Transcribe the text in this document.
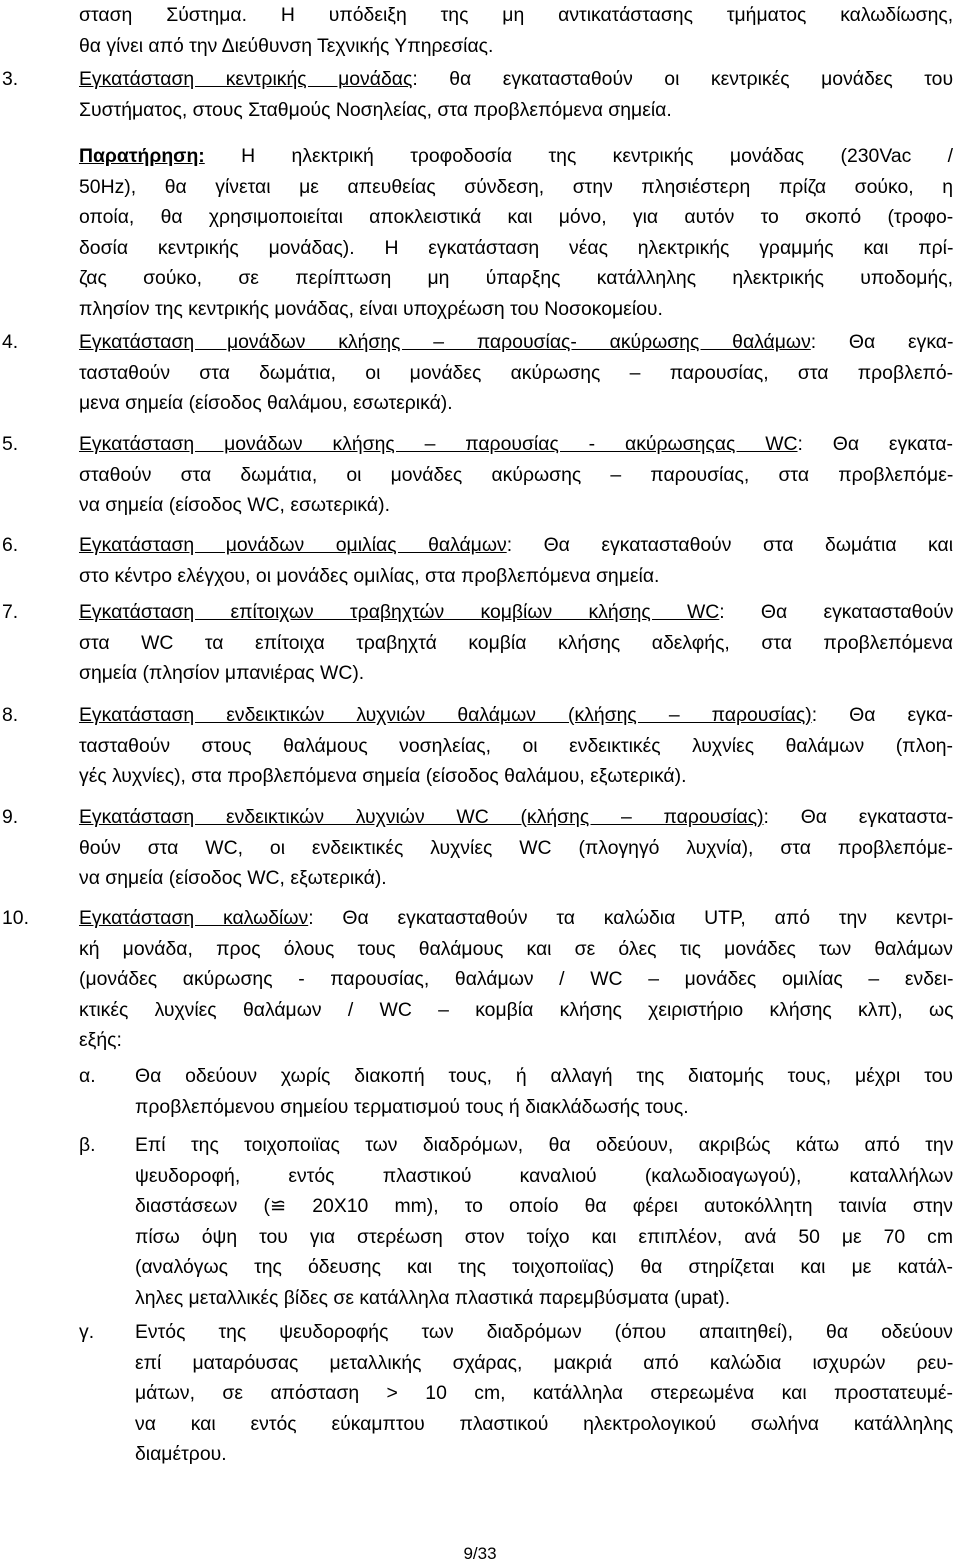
σταση Σύστημα. Η υπόδειξη της μη αντικατάστασης τμήματος καλωδίωσης,
θα γίνει από την Διεύθυνση Τεχνικής Υπηρεσίας.
3.	Εγκατάσταση κεντρικής μονάδας: θα εγκατασταθούν οι κεντρικές μονάδες του
Συστήματος, στους Σταθμούς Νοσηλείας, στα προβλεπόμενα σημεία.
Παρατήρηση: Η ηλεκτρική τροφοδοσία της κεντρικής μονάδας (230Vac /
50Hz), θα γίνεται με απευθείας σύνδεση, στην πλησιέστερη πρίζα σούκο, η
οποία, θα χρησιμοποιείται αποκλειστικά και μόνο, για αυτόν το σκοπό (τροφο-
δοσία κεντρικής μονάδας). Η εγκατάσταση νέας ηλεκτρικής γραμμής και πρί-
ζας σούκο, σε περίπτωση μη ύπαρξης κατάλληλης ηλεκτρικής υποδομής,
πλησίον της κεντρικής μονάδας, είναι υποχρέωση του Νοσοκομείου.
4.	Εγκατάσταση μονάδων κλήσης – παρουσίας- ακύρωσης θαλάμων: Θα εγκα-
τασταθούν στα δωμάτια, οι μονάδες ακύρωσης – παρουσίας, στα προβλεπό-
μενα σημεία (είσοδος θαλάμου, εσωτερικά).
5.	Εγκατάσταση μονάδων κλήσης – παρουσίας - ακύρωσηςας WC: Θα εγκατα-
σταθούν στα δωμάτια, οι μονάδες ακύρωσης – παρουσίας, στα προβλεπόμε-
να σημεία (είσοδος WC, εσωτερικά).
6.	Εγκατάσταση μονάδων ομιλίας θαλάμων: Θα εγκατασταθούν στα δωμάτια και
στο κέντρο ελέγχου, οι μονάδες ομιλίας, στα προβλεπόμενα σημεία.
7.	Εγκατάσταση επίτοιχων τραβηχτών κομβίων κλήσης WC: Θα εγκατασταθούν
στα WC τα επίτοιχα τραβηχτά κομβία κλήσης αδελφής, στα προβλεπόμενα
σημεία (πλησίον μπανιέρας WC).
8.	Εγκατάσταση ενδεικτικών λυχνιών θαλάμων (κλήσης – παρουσίας): Θα εγκα-
τασταθούν στους θαλάμους νοσηλείας, οι ενδεικτικές λυχνίες θαλάμων (πλοη-
γές λυχνίες), στα προβλεπόμενα σημεία (είσοδος θαλάμου, εξωτερικά).
9.	Εγκατάσταση ενδεικτικών λυχνιών WC (κλήσης – παρουσίας): Θα εγκαταστα-
θούν στα WC, οι ενδεικτικές λυχνίες WC (πλογηγό λυχνία), στα προβλεπόμε-
να σημεία (είσοδος WC, εξωτερικά).
10.	Εγκατάσταση καλωδίων: Θα εγκατασταθούν τα καλώδια UTP, από την κεντρι-
κή μονάδα, προς όλους τους θαλάμους και σε όλες τις μονάδες των θαλάμων
(μονάδες ακύρωσης - παρουσίας, θαλάμων / WC – μονάδες ομιλίας – ενδει-
κτικές λυχνίες θαλάμων / WC – κομβία κλήσης χειριστήριο κλήσης κλπ), ως
εξής:
α. Θα οδεύουν χωρίς διακοπή τους, ή αλλαγή της διατομής τους, μέχρι του
προβλεπόμενου σημείου τερματισμού τους ή διακλάδωσής τους.
β. Επί της τοιχοποιϊας των διαδρόμων, θα οδεύουν, ακριβώς κάτω από την
ψευδοροφή, εντός πλαστικού καναλιού (καλωδιοαγωγού), καταλλήλων
διαστάσεων (≌ 20X10 mm), το οποίο θα φέρει αυτοκόλλητη ταινία στην
πίσω όψη του για στερέωση στον τοίχο και επιπλέον, ανά 50 με 70 cm
(αναλόγως της όδευσης και της τοιχοποιϊας) θα στηρίζεται και με κατάλ-
ληλες μεταλλικές βίδες σε κατάλληλα πλαστικά παρεμβύσματα (upat).
γ. Εντός της ψευδοροφής των διαδρόμων (όπου απαιτηθεί), θα οδεύουν
επί ματαρόυσας μεταλλικής σχάρας, μακριά από καλώδια ισχυρών ρευ-
μάτων, σε απόσταση > 10 cm, κατάλληλα στερεωμένα και προστατευμέ-
να και εντός εύκαμπτου πλαστικού ηλεκτρολογικού σωλήνα κατάλληλης
διαμέτρου.
9/33
